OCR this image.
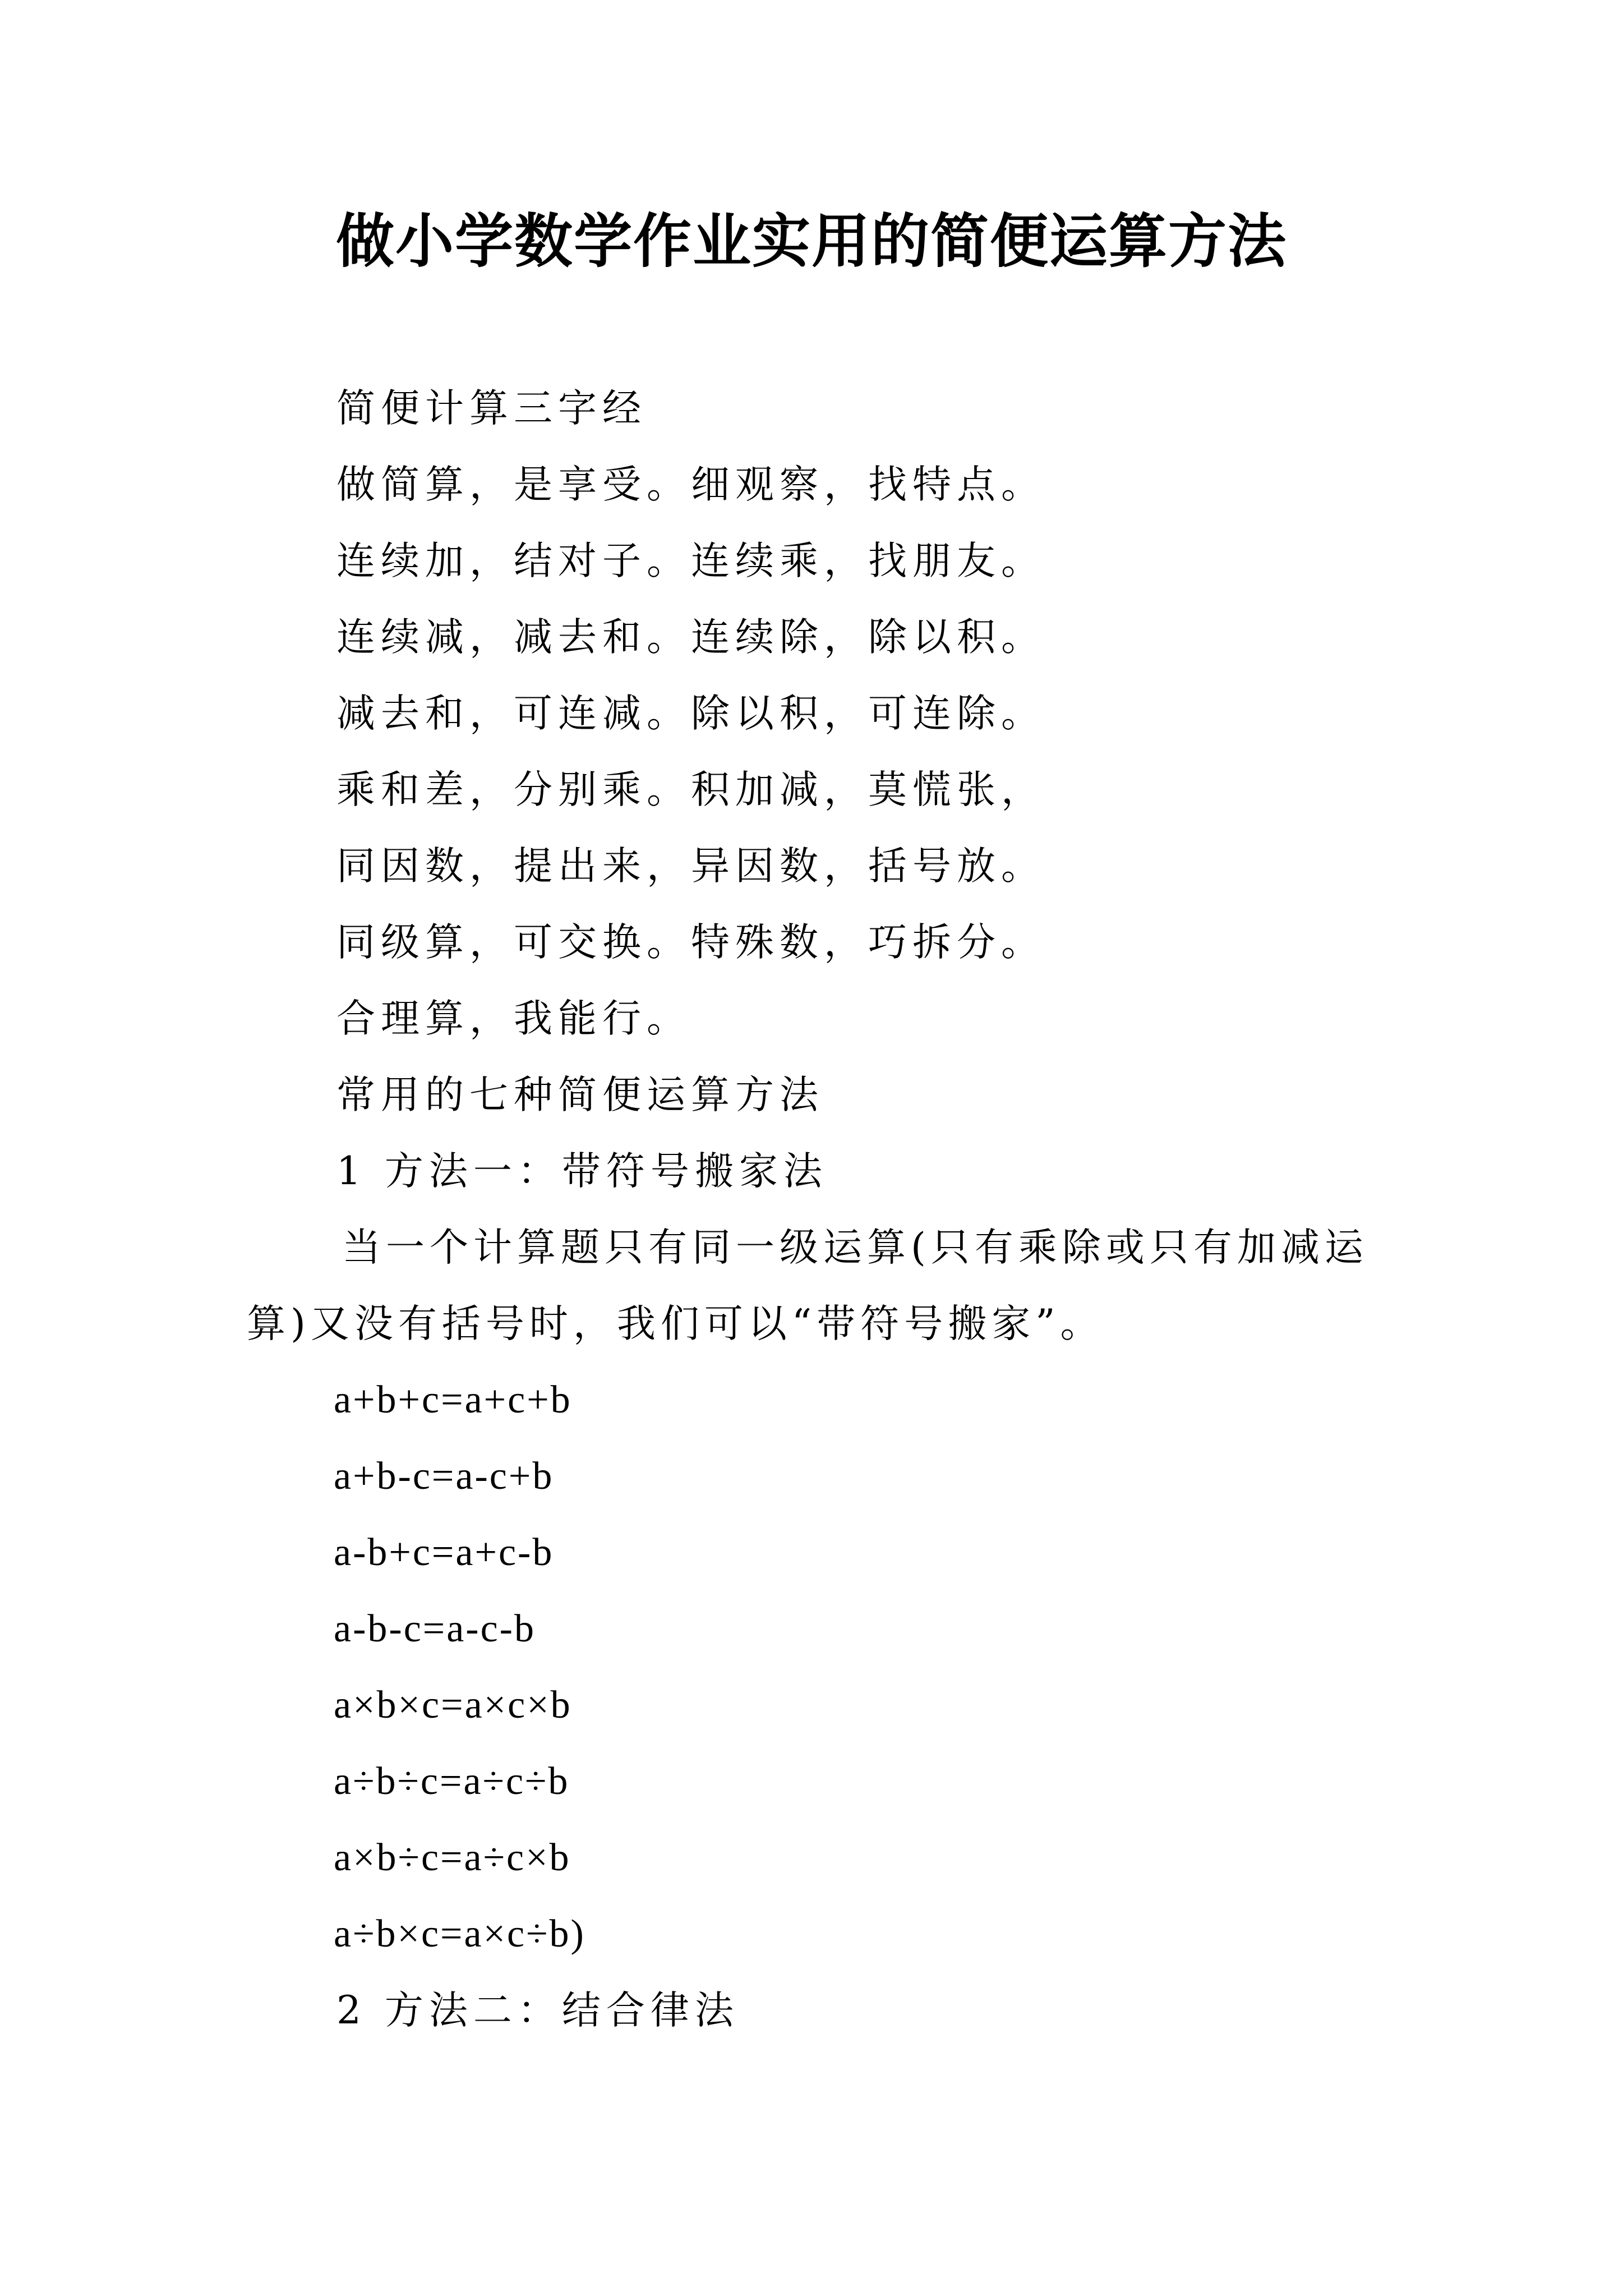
做小学数学作业实用的简便运算方法
简便计算三字经
做简算，是享受。细观察，找特点。
连续加，结对子。连续乘，找朋友。
连续减，减去和。连续除，除以积。
减去和，可连减。除以积，可连除。
乘和差，分别乘。积加减，莫慌张，
同因数，提出来，异因数，括号放。
同级算，可交换。特殊数，巧拆分。
合理算，我能行。
常用的七种简便运算方法
1 方法一：带符号搬家法

当一个计算题只有同一级运算(只有乘除或只有加减运算)又没有括号时，我们可以“带符号搬家”。

a+b+c=a+c+b
a+b-c=a-c+b
a-b+c=a+c-b
a-b-c=a-c-b
a×b×c=a×c×b
a÷b÷c=a÷c÷b
a×b÷c=a÷c×b
a÷b×c=a×c÷b)
2 方法二：结合律法
